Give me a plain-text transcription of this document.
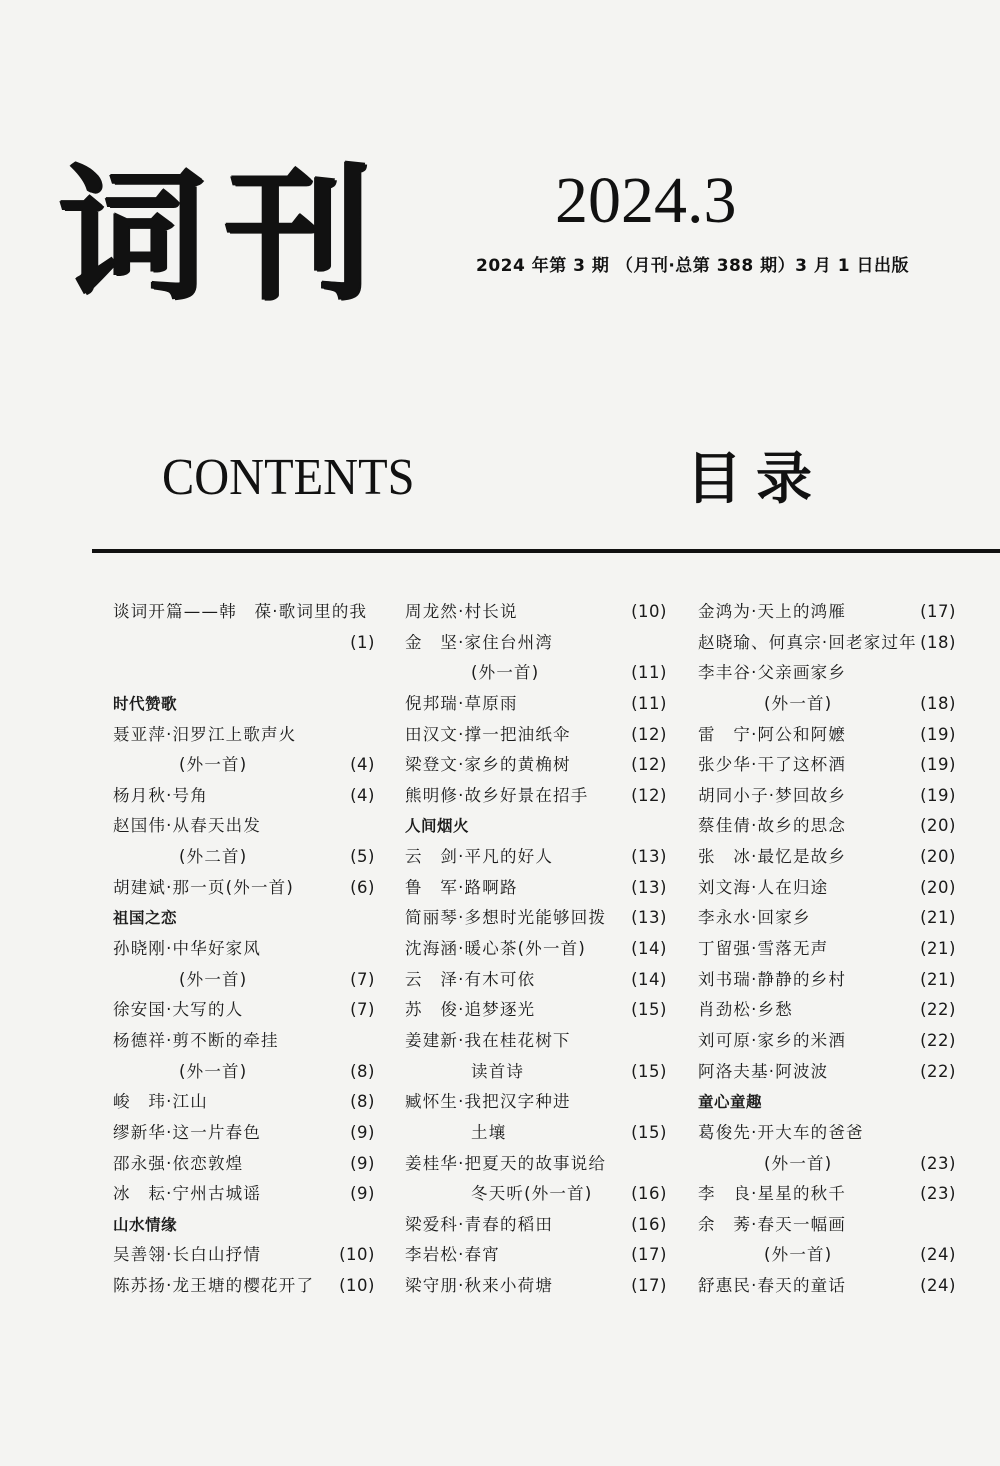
词刊	2024.3
2024 年第 3 期 （月刊·总第 388 期）3 月 1 日出版
CONTENTS	目录
谈词开篇——韩　葆·歌词里的我
(1)
时代赞歌
聂亚萍·汨罗江上歌声火
(外一首)	(4)
杨月秋·号角	(4)
赵国伟·从春天出发
(外二首)	(5)
胡建斌·那一页(外一首)	(6)
祖国之恋
孙晓刚·中华好家风
(外一首)	(7)
徐安国·大写的人	(7)
杨德祥·剪不断的牵挂
(外一首)	(8)
峻　玮·江山	(8)
缪新华·这一片春色	(9)
邵永强·依恋敦煌	(9)
冰　耘·宁州古城谣	(9)
山水情缘
吴善翎·长白山抒情	(10)
陈苏扬·龙王塘的樱花开了 (10)
周龙然·村长说	(10)
金　坚·家住台州湾
(外一首)	(11)
倪邦瑞·草原雨	(11)
田汉文·撑一把油纸伞	(12)
梁登文·家乡的黄桷树	(12)
熊明修·故乡好景在招手	(12)
人间烟火
云　剑·平凡的好人	(13)
鲁　军·路啊路	(13)
简丽琴·多想时光能够回拨 (13)
沈海涵·暖心茶(外一首)	(14)
云　泽·有木可依	(14)
苏　俊·追梦逐光	(15)
姜建新·我在桂花树下
读首诗	(15)
臧怀生·我把汉字种进
土壤	(15)
姜桂华·把夏天的故事说给
冬天听(外一首) (16)
梁爱科·青春的稻田	(16)
李岩松·春宵	(17)
梁守朋·秋来小荷塘	(17)
金鸿为·天上的鸿雁	(17)
赵晓瑜、何真宗·回老家过年 (18)
李丰谷·父亲画家乡
(外一首)	(18)
雷　宁·阿公和阿嬷	(19)
张少华·干了这杯酒	(19)
胡同小子·梦回故乡	(19)
蔡佳倩·故乡的思念	(20)
张　冰·最忆是故乡	(20)
刘文海·人在归途	(20)
李永水·回家乡	(21)
丁留强·雪落无声	(21)
刘书瑞·静静的乡村	(21)
肖劲松·乡愁	(22)
刘可原·家乡的米酒	(22)
阿洛夫基·阿波波	(22)
童心童趣
葛俊先·开大车的爸爸
(外一首)	(23)
李　良·星星的秋千	(23)
余　莠·春天一幅画
(外一首)	(24)
舒惠民·春天的童话	(24)
